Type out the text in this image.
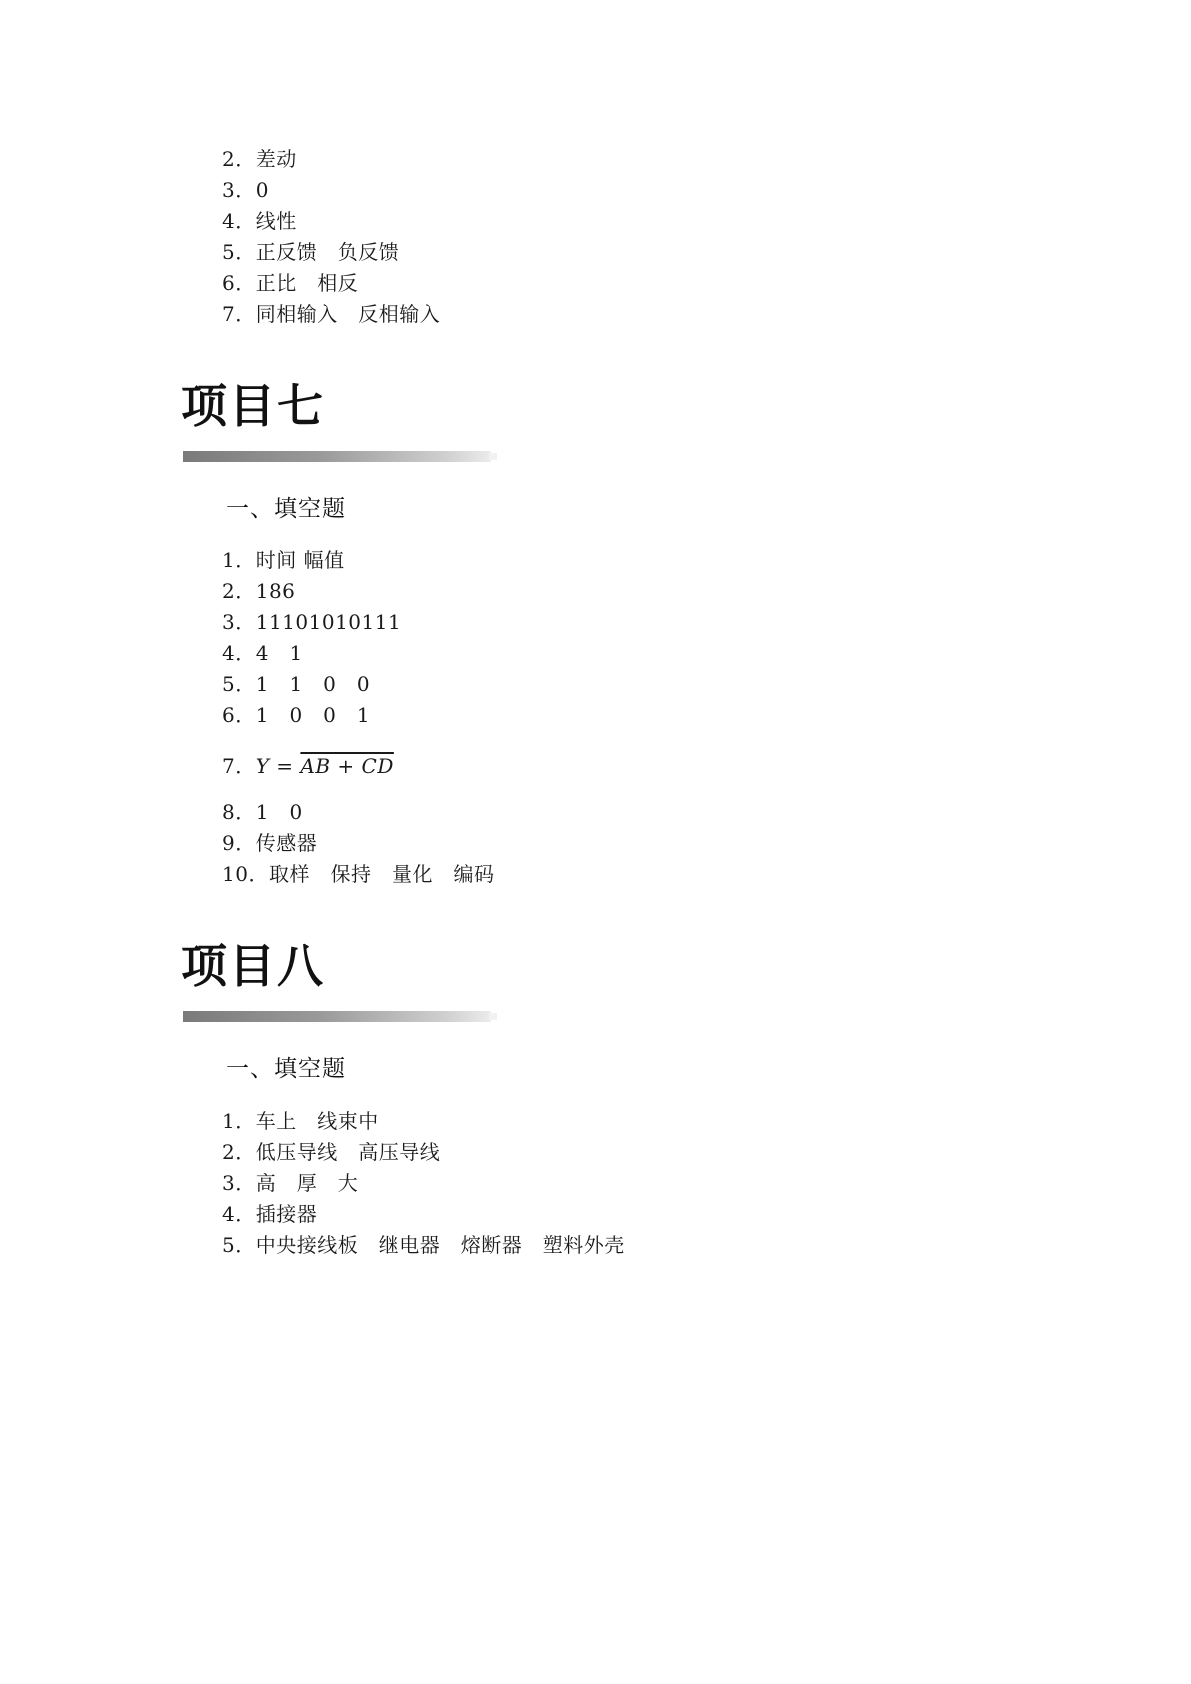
2．差动
3．0
4．线性
5．正反馈　负反馈
6．正比　相反
7．同相输入　反相输入
项目七
一、填空题
1．时间 幅值
2．186
3．11101010111
4．4　1
5．1　1　0　0
6．1　0　0　1
7．Y = AB + CD
8．1　0
9．传感器
10．取样　保持　量化　编码
项目八
一、填空题
1．车上　线束中
2．低压导线　高压导线
3．高　厚　大
4．插接器
5．中央接线板　继电器　熔断器　塑料外壳
